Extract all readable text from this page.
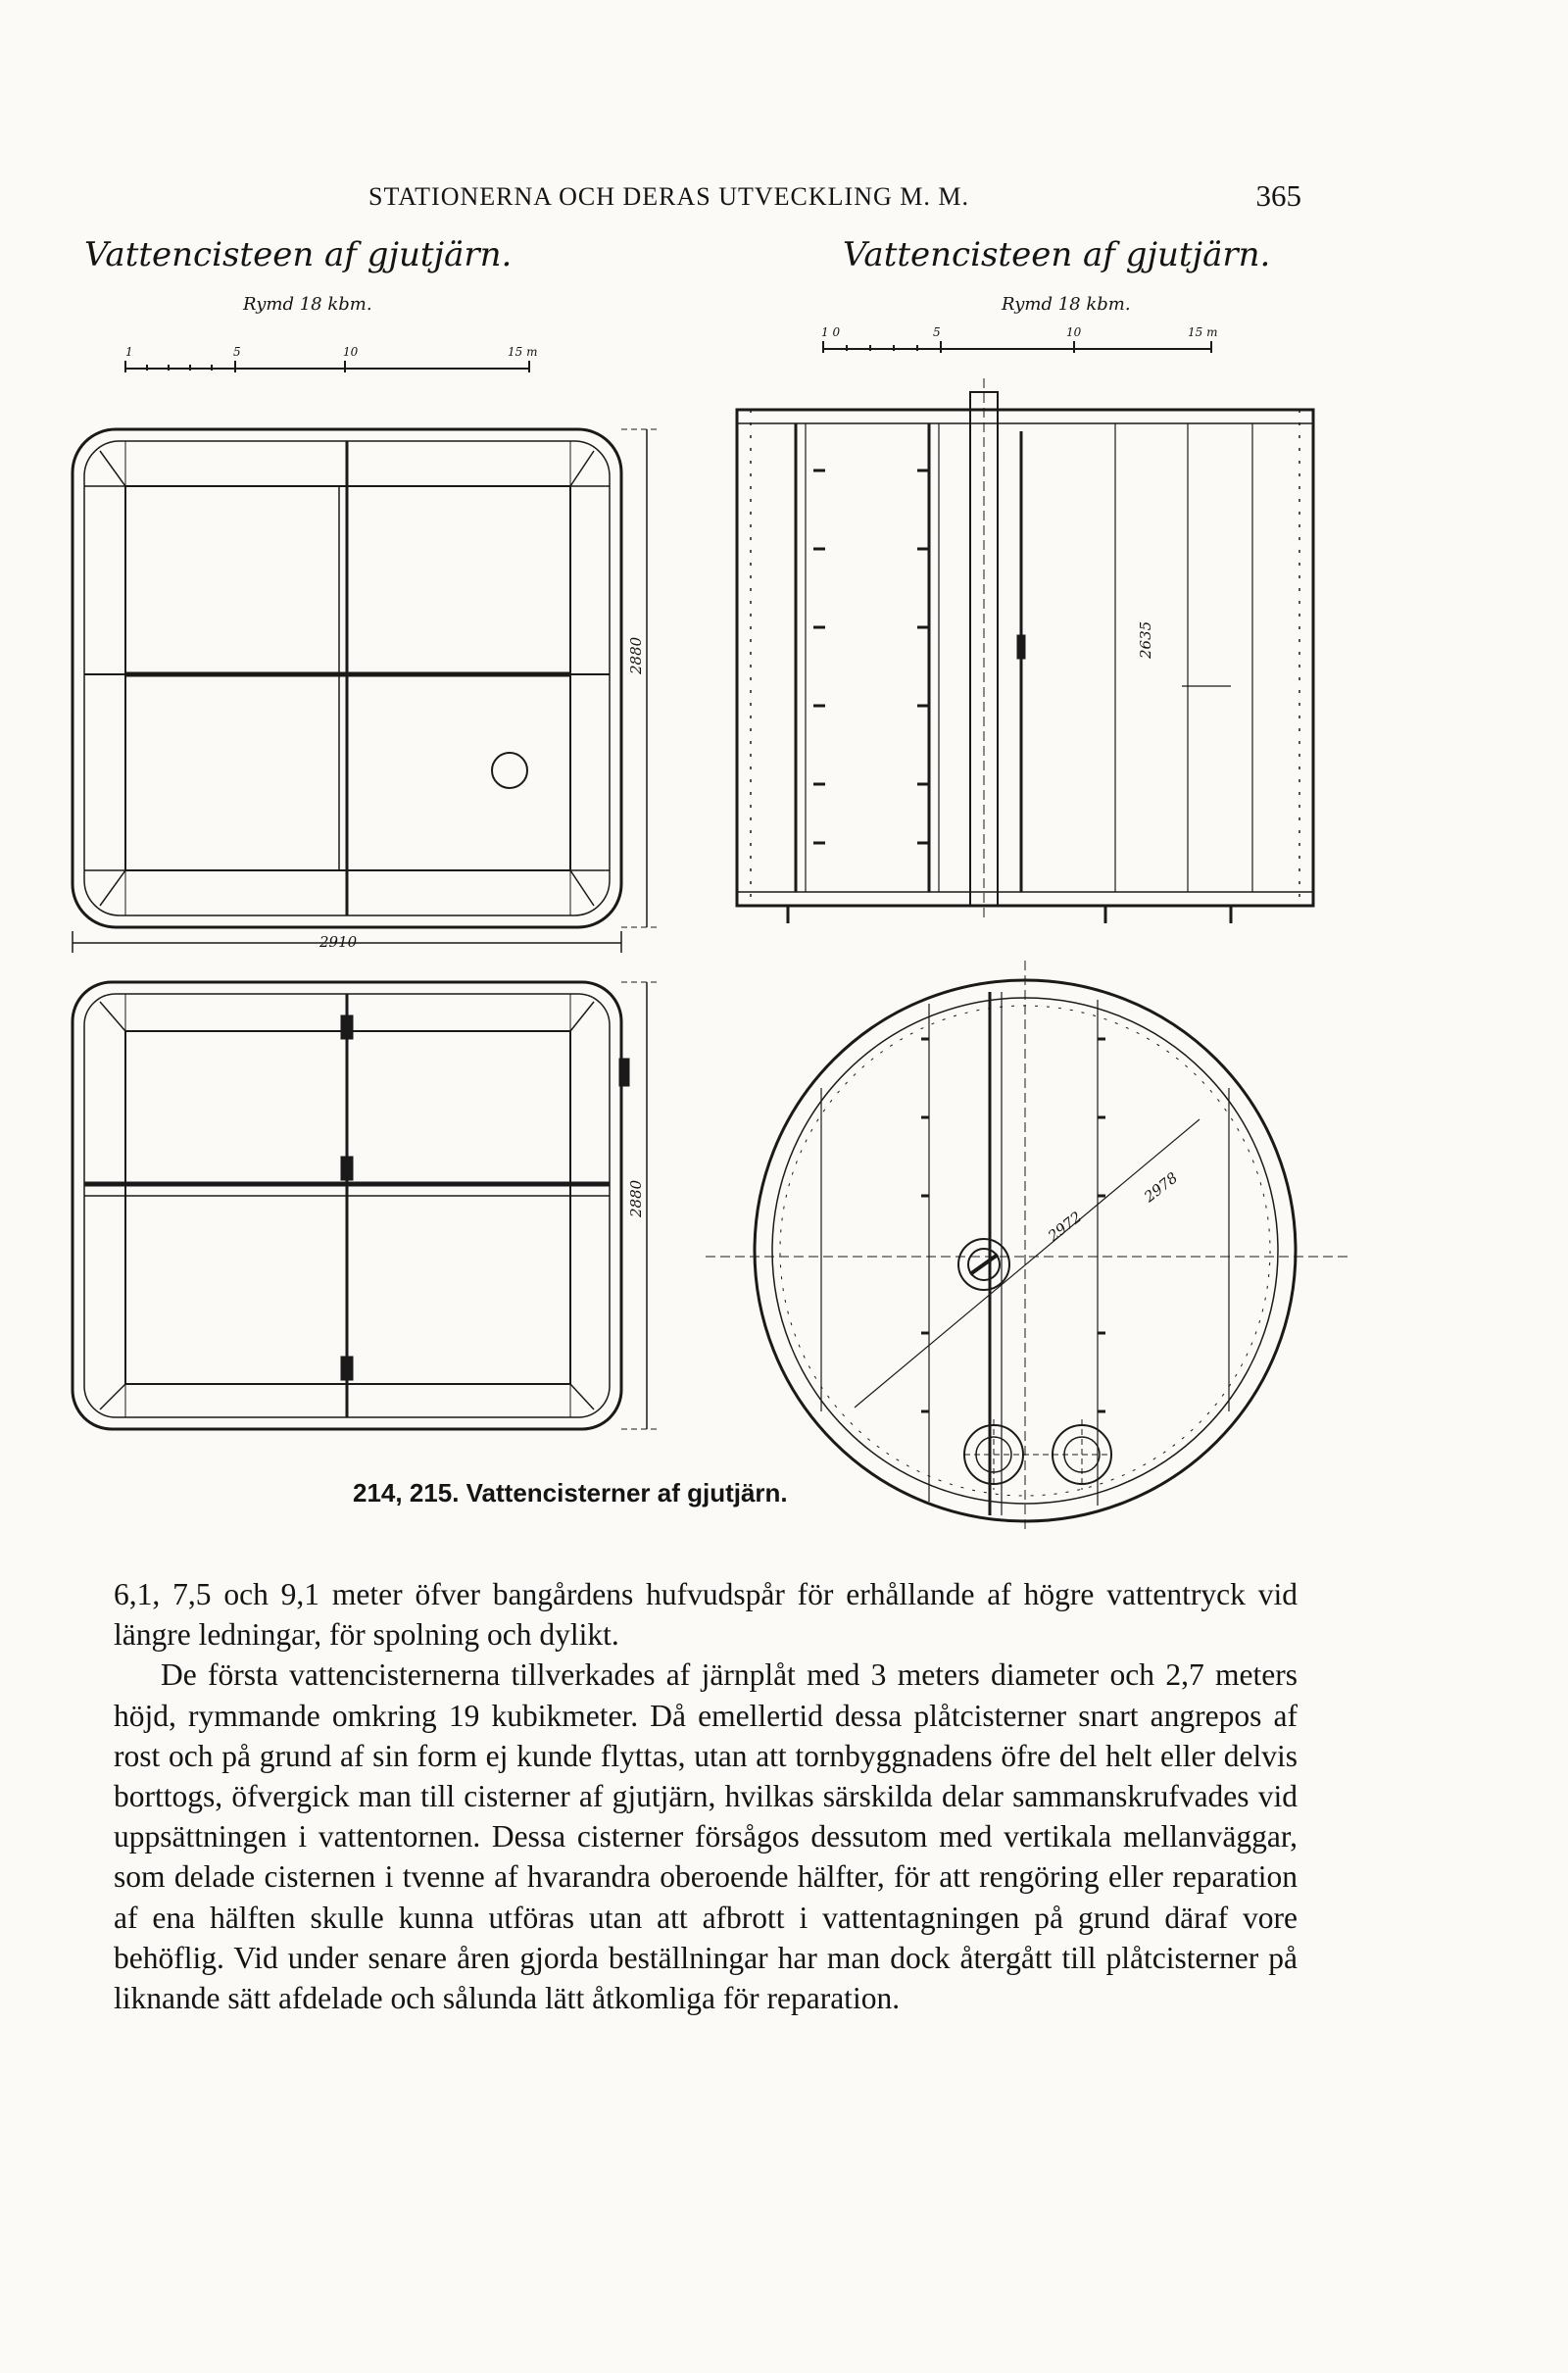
STATIONERNA OCH DERAS UTVECKLING M. M.	365
Vattencisteen af gjutjärn.
Rymd 18 kbm.
Vattencisteen af gjutjärn.
Rymd 18 kbm.
1	5	10	15 m
1 0	5	10	15 m
2910
2880
2880
2635
2978
2972
214, 215. Vattencisterner af gjutjärn.

6,1, 7,5 och 9,1 meter öfver bangårdens hufvudspår för erhållande af högre vattentryck vid längre ledningar, för spolning och dylikt.

De första vattencisternerna tillverkades af järnplåt med 3 meters diameter och 2,7 meters höjd, rymmande omkring 19 kubikmeter. Då emellertid dessa plåtcisterner snart angrepos af rost och på grund af sin form ej kunde flyttas, utan att tornbyggnadens öfre del helt eller delvis borttogs, öfvergick man till cisterner af gjutjärn, hvilkas särskilda delar sammanskrufvades vid uppsättningen i vattentornen. Dessa cisterner försågos dessutom med vertikala mellanväggar, som delade cisternen i tvenne af hvarandra oberoende hälfter, för att rengöring eller reparation af ena hälften skulle kunna utföras utan att afbrott i vattentagningen på grund däraf vore behöflig. Vid under senare åren gjorda beställningar har man dock återgått till plåtcisterner på liknande sätt afdelade och sålunda lätt åtkomliga för reparation.
